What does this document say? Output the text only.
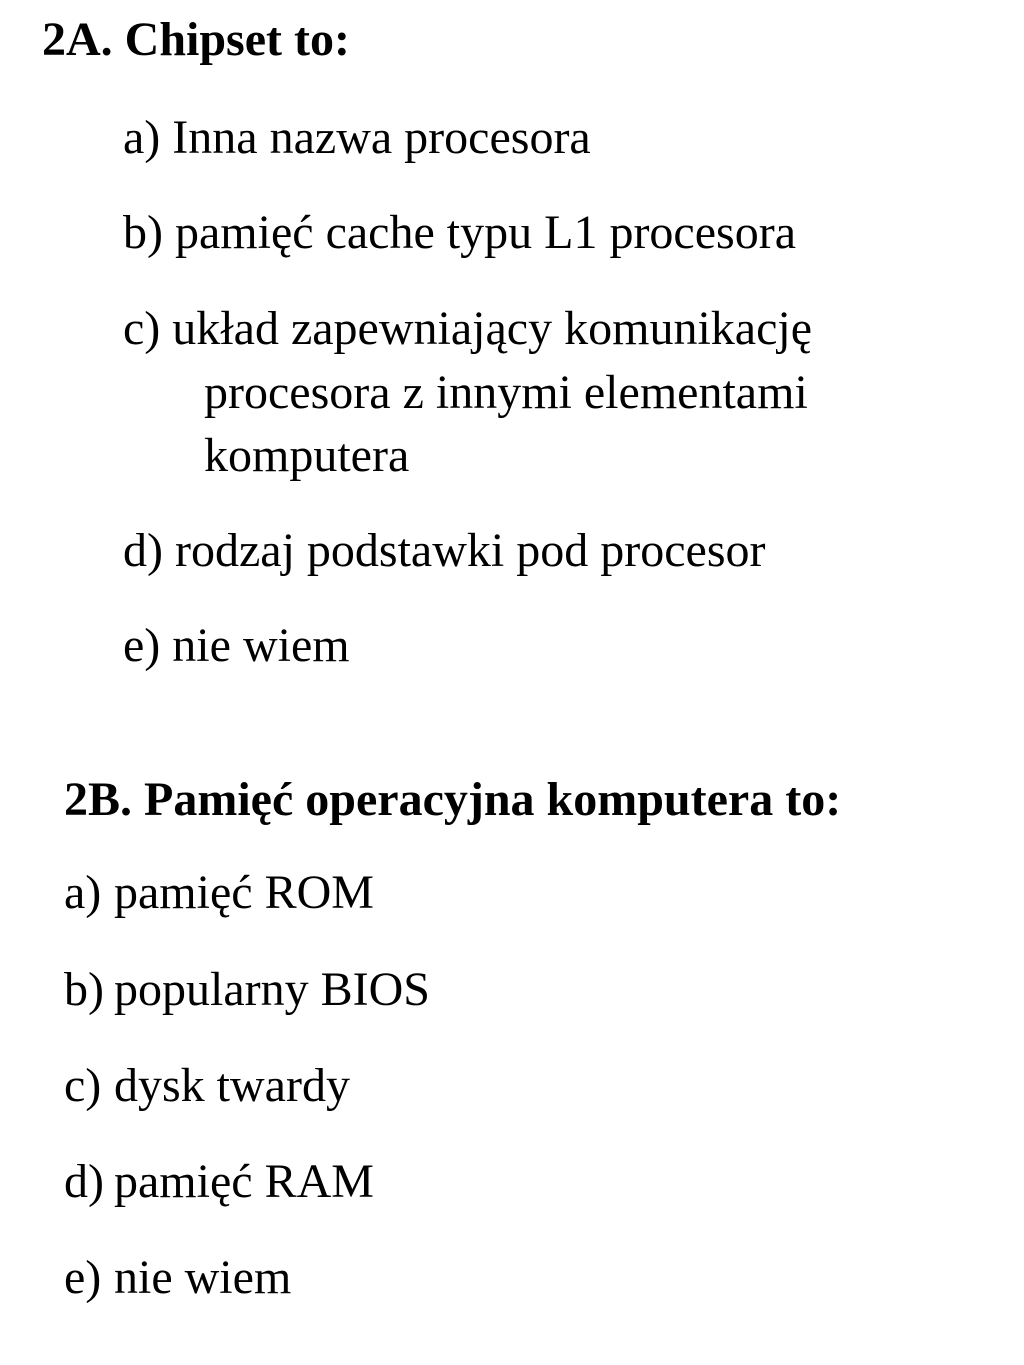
2A. Chipset to:
a) Inna nazwa procesora
b) pamięć cache typu L1 procesora
c) układ zapewniający komunikację
procesora z innymi elementami
komputera
d) rodzaj podstawki pod procesor
e) nie wiem
2B. Pamięć operacyjna komputera to:
a) pamięć ROM
b) popularny BIOS
c) dysk twardy
d) pamięć RAM
e) nie wiem
